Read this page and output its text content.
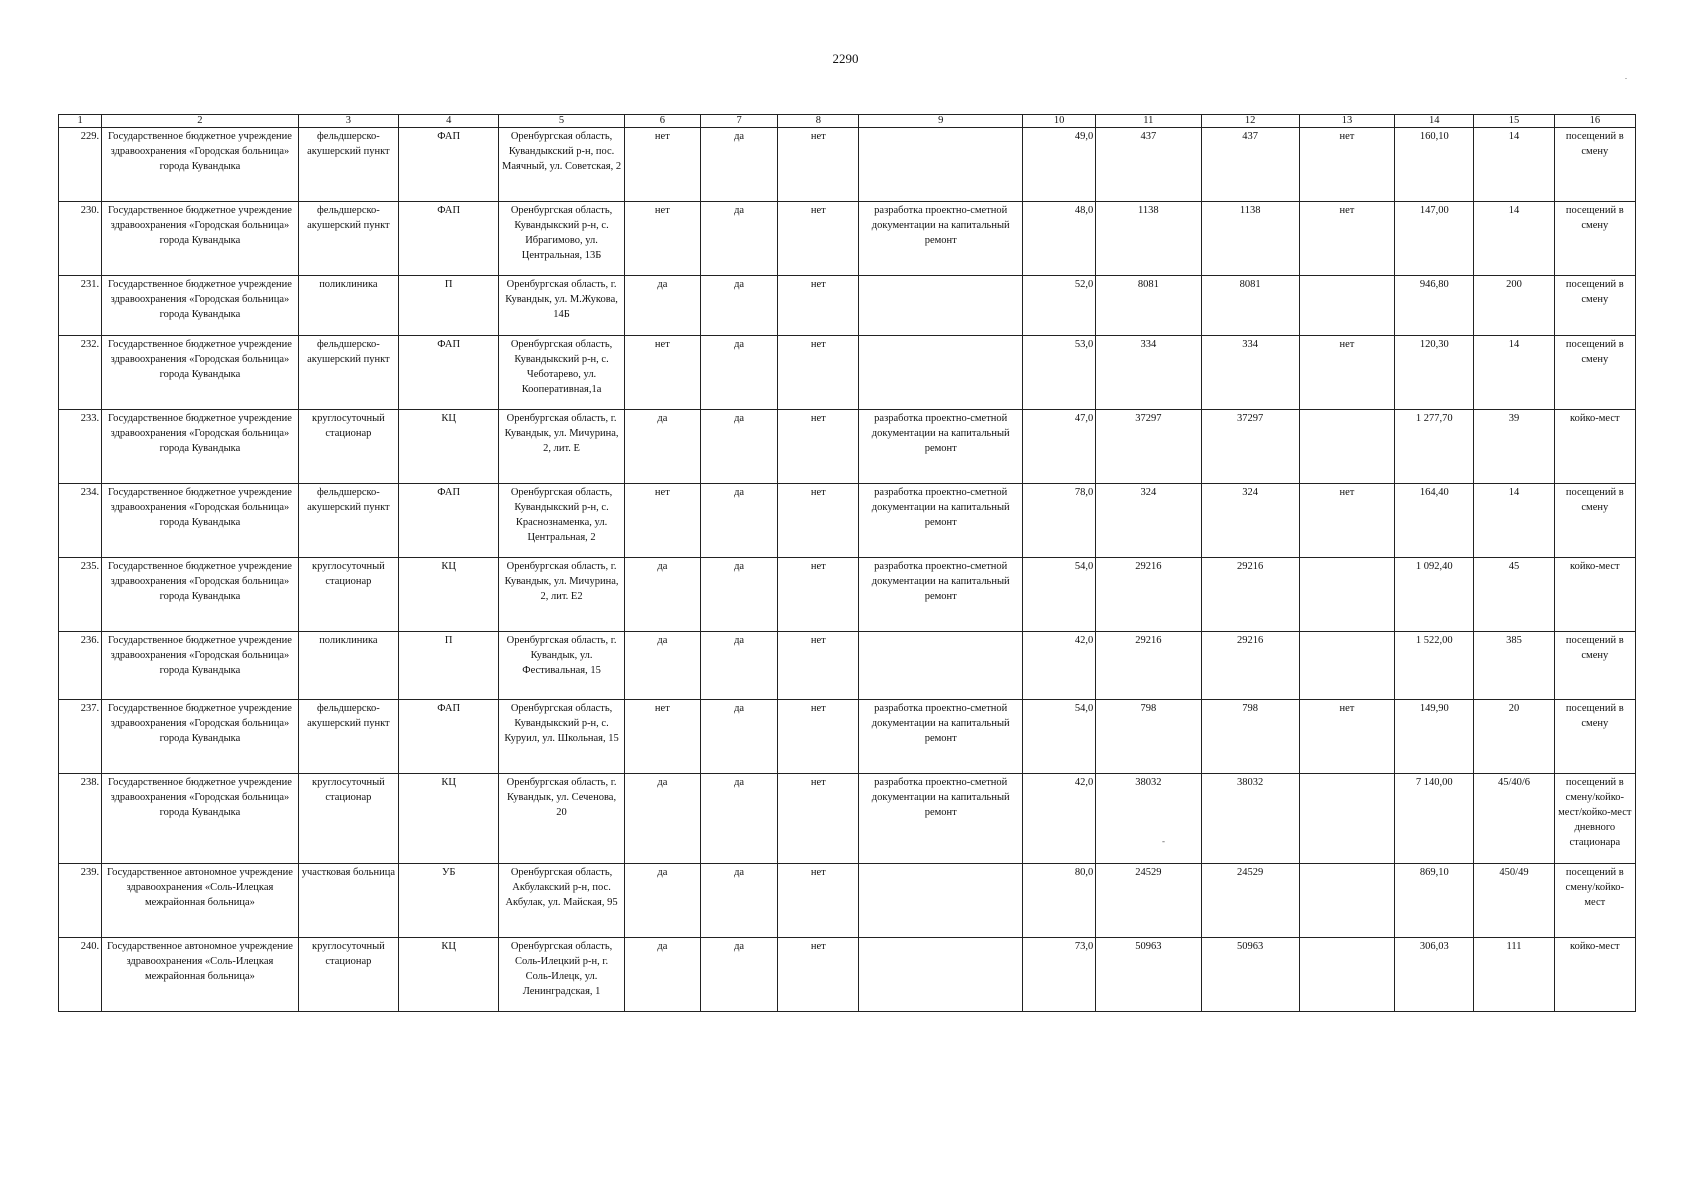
2290
1	2	3	4	5	6	7	8	9	10	11	12	13	14	15	16
229.	Государственное бюджетное учреждение здравоохранения «Городская больница» города Кувандыка	фельдшерско-акушерский пункт	ФАП	Оренбургская область, Кувандыкский р-н, пос. Маячный, ул. Советская, 2	нет	да	нет		49,0	437	437	нет	160,10	14	посещений в смену
230.	Государственное бюджетное учреждение здравоохранения «Городская больница» города Кувандыка	фельдшерско-акушерский пункт	ФАП	Оренбургская область, Кувандыкский р-н, с. Ибрагимово, ул. Центральная, 13Б	нет	да	нет	разработка проектно-сметной документации на капитальный ремонт	48,0	1138	1138	нет	147,00	14	посещений в смену
231.	Государственное бюджетное учреждение здравоохранения «Городская больница» города Кувандыка	поликлиника	П	Оренбургская область, г. Кувандык, ул. М.Жукова, 14Б	да	да	нет		52,0	8081	8081		946,80	200	посещений в смену
232.	Государственное бюджетное учреждение здравоохранения «Городская больница» города Кувандыка	фельдшерско-акушерский пункт	ФАП	Оренбургская область, Кувандыкский р-н, с. Чеботарево, ул. Кооперативная,1а	нет	да	нет		53,0	334	334	нет	120,30	14	посещений в смену
233.	Государственное бюджетное учреждение здравоохранения «Городская больница» города Кувандыка	круглосуточный стационар	КЦ	Оренбургская область, г. Кувандык, ул. Мичурина, 2, лит. Е	да	да	нет	разработка проектно-сметной документации на капитальный ремонт	47,0	37297	37297		1 277,70	39	койко-мест
234.	Государственное бюджетное учреждение здравоохранения «Городская больница» города Кувандыка	фельдшерско-акушерский пункт	ФАП	Оренбургская область, Кувандыкский р-н, с. Краснознаменка, ул. Центральная, 2	нет	да	нет	разработка проектно-сметной документации на капитальный ремонт	78,0	324	324	нет	164,40	14	посещений в смену
235.	Государственное бюджетное учреждение здравоохранения «Городская больница» города Кувандыка	круглосуточный стационар	КЦ	Оренбургская область, г. Кувандык, ул. Мичурина, 2, лит. Е2	да	да	нет	разработка проектно-сметной документации на капитальный ремонт	54,0	29216	29216		1 092,40	45	койко-мест
236.	Государственное бюджетное учреждение здравоохранения «Городская больница» города Кувандыка	поликлиника	П	Оренбургская область, г. Кувандык, ул. Фестивальная, 15	да	да	нет		42,0	29216	29216		1 522,00	385	посещений в смену
237.	Государственное бюджетное учреждение здравоохранения «Городская больница» города Кувандыка	фельдшерско-акушерский пункт	ФАП	Оренбургская область, Кувандыкский р-н, с. Куруил, ул. Школьная, 15	нет	да	нет	разработка проектно-сметной документации на капитальный ремонт	54,0	798	798	нет	149,90	20	посещений в смену
238.	Государственное бюджетное учреждение здравоохранения «Городская больница» города Кувандыка	круглосуточный стационар	КЦ	Оренбургская область, г. Кувандык, ул. Сеченова, 20	да	да	нет	разработка проектно-сметной документации на капитальный ремонт	42,0	38032	38032		7 140,00	45/40/6	посещений в смену/койко-мест/койко-мест дневного стационара
239.	Государственное автономное учреждение здравоохранения «Соль-Илецкая межрайонная больница»	участковая больница	УБ	Оренбургская область, Акбулакский р-н, пос. Акбулак, ул. Майская, 95	да	да	нет		80,0	24529	24529		869,10	450/49	посещений в смену/койко-мест
240.	Государственное автономное учреждение здравоохранения «Соль-Илецкая межрайонная больница»	круглосуточный стационар	КЦ	Оренбургская область, Соль-Илецкий р-н, г. Соль-Илецк, ул. Ленинградская, 1	да	да	нет		73,0	50963	50963		306,03	111	койко-мест
-
